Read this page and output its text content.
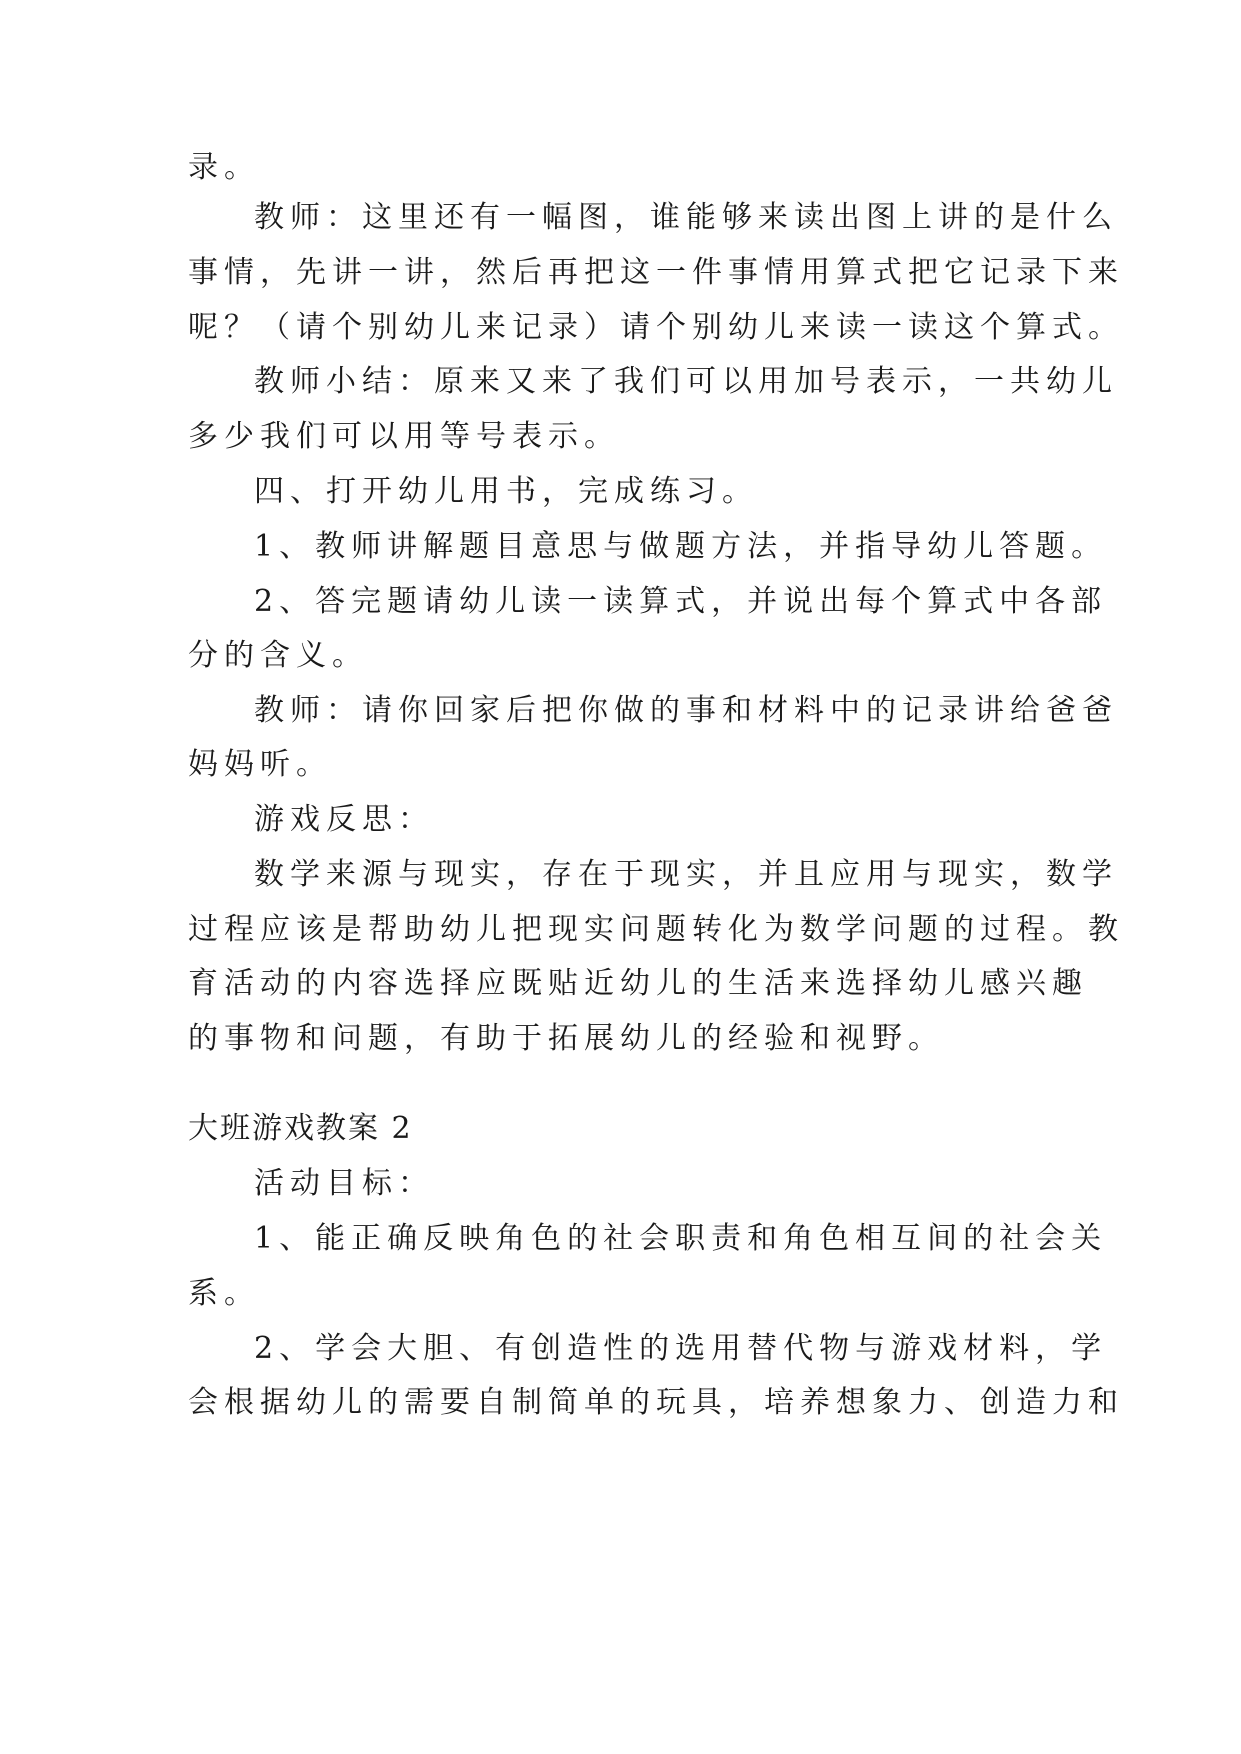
录。

教师：这里还有一幅图，谁能够来读出图上讲的是什么

事情，先讲一讲，然后再把这一件事情用算式把它记录下来

呢？（请个别幼儿来记录）请个别幼儿来读一读这个算式。

教师小结：原来又来了我们可以用加号表示，一共幼儿

多少我们可以用等号表示。

四、打开幼儿用书，完成练习。

1、教师讲解题目意思与做题方法，并指导幼儿答题。

2、答完题请幼儿读一读算式，并说出每个算式中各部

分的含义。

教师：请你回家后把你做的事和材料中的记录讲给爸爸

妈妈听。

游戏反思：

数学来源与现实，存在于现实，并且应用与现实，数学

过程应该是帮助幼儿把现实问题转化为数学问题的过程。教

育活动的内容选择应既贴近幼儿的生活来选择幼儿感兴趣

的事物和问题，有助于拓展幼儿的经验和视野。

大班游戏教案 2

活动目标：

1、能正确反映角色的社会职责和角色相互间的社会关

系。

2、学会大胆、有创造性的选用替代物与游戏材料，学

会根据幼儿的需要自制简单的玩具，培养想象力、创造力和
